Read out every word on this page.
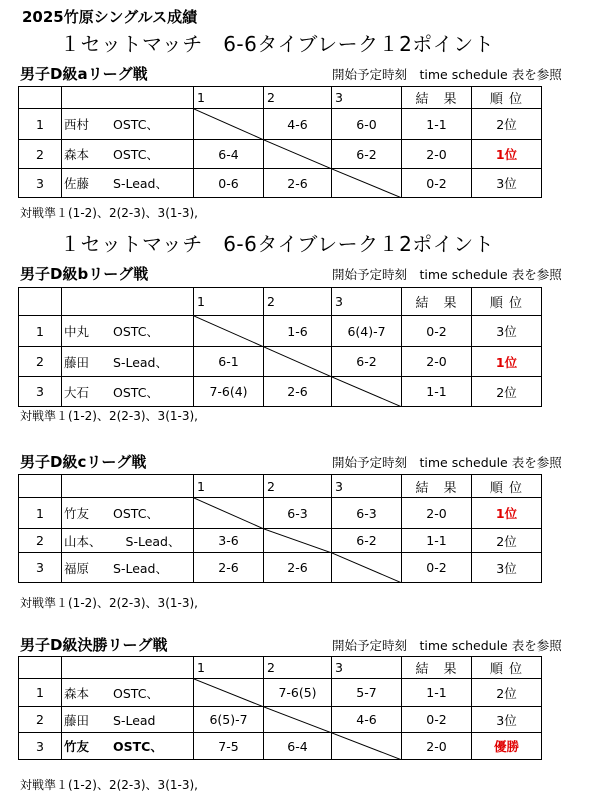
2025竹原シングルス成績
１セットマッチ　6-6タイブレーク１2ポイント
男子D級aリーグ戦	開始予定時刻　time schedule 表を参照
		1	2	3	結　果	順 位
1	西村 OSTC、		4-6	6-0	1-1	2位
2	森本 OSTC、	6-4		6-2	2-0	1位
3	佐藤 S-Lead、	0-6	2-6		0-2	3位
対戦準１(1-2)、2(2-3)、3(1-3),
１セットマッチ　6-6タイブレーク１2ポイント
男子D級bリーグ戦	開始予定時刻　time schedule 表を参照
		1	2	3	結　果	順 位
1	中丸 OSTC、		1-6	6(4)-7	0-2	3位
2	藤田 S-Lead、	6-1		6-2	2-0	1位
3	大石 OSTC、	7-6(4)	2-6		1-1	2位
対戦準１(1-2)、2(2-3)、3(1-3),
男子D級cリーグ戦	開始予定時刻　time schedule 表を参照
		1	2	3	結　果	順 位
1	竹友 OSTC、		6-3	6-3	2-0	1位
2	山本、 S-Lead、	3-6		6-2	1-1	2位
3	福原 S-Lead、	2-6	2-6		0-2	3位
対戦準１(1-2)、2(2-3)、3(1-3),
男子D級決勝リーグ戦	開始予定時刻　time schedule 表を参照
		1	2	3	結　果	順 位
1	森本 OSTC、		7-6(5)	5-7	1-1	2位
2	藤田 S-Lead	6(5)-7		4-6	0-2	3位
3	竹友 OSTC、	7-5	6-4		2-0	優勝
対戦準１(1-2)、2(2-3)、3(1-3),
